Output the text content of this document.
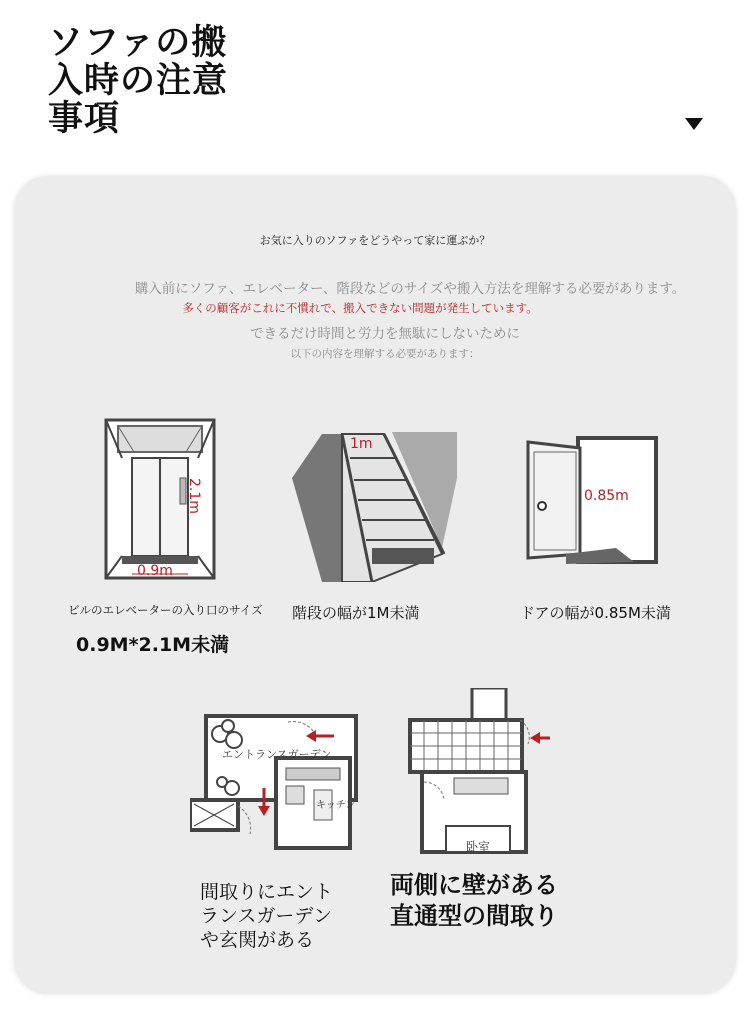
ソファの搬入時の注意事項
お気に入りのソファをどうやって家に運ぶか？
購入前にソファ、エレベーター、階段などのサイズや搬入方法を理解する必要があります。
多くの顧客がこれに不慣れで、搬入できない問題が発生しています。
できるだけ時間と労力を無駄にしないために
以下の内容を理解する必要があります：
2.1m
0.9m
ビルのエレベーターの入り口のサイズ
0.9M*2.1M未満
1m
階段の幅が1M未満
0.85m
ドアの幅が0.85M未満
エントランスガーデン
キッチン
間取りにエントランスガーデンや玄関がある
卧室
両側に壁がある直通型の間取り
